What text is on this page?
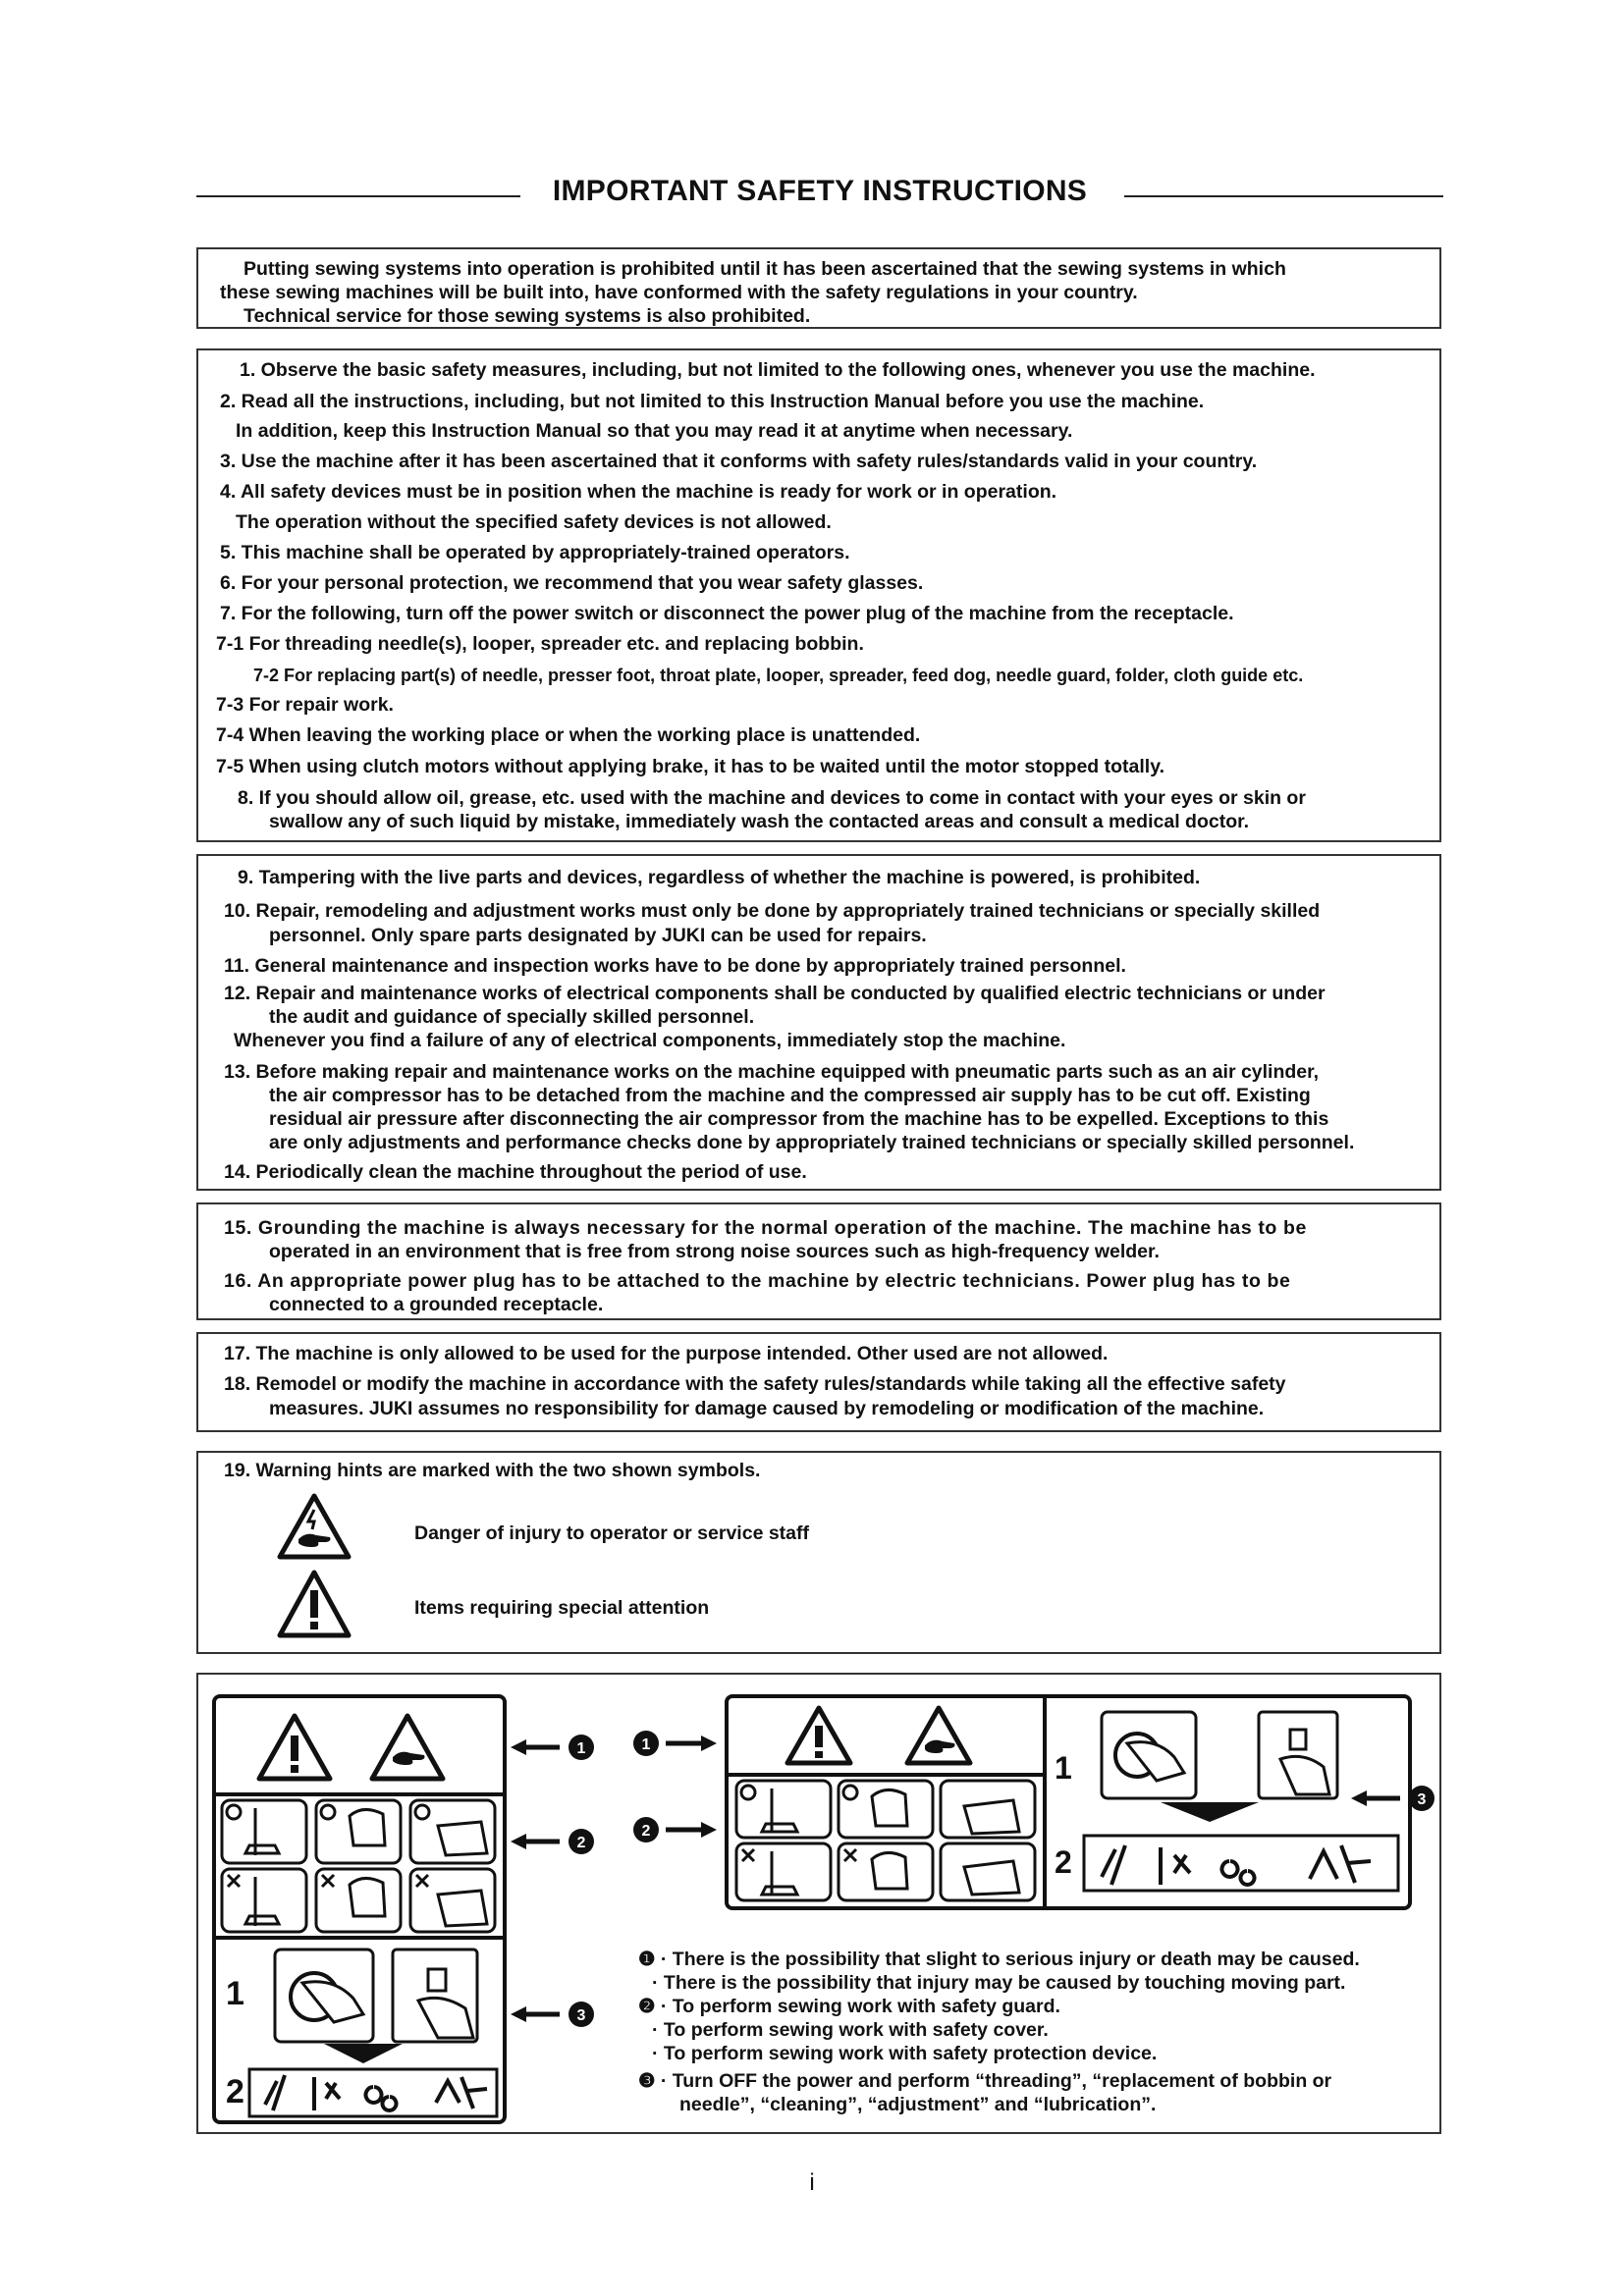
IMPORTANT SAFETY INSTRUCTIONS
Putting sewing systems into operation is prohibited until it has been ascertained that the sewing systems in which
these sewing machines will be built into, have conformed with the safety regulations in your country.
Technical service for those sewing systems is also prohibited.
1. Observe the basic safety measures, including, but not limited to the following ones, whenever you use the machine.
2. Read all the instructions, including, but not limited to this Instruction Manual before you use the machine.
In addition, keep this Instruction Manual so that you may read it at anytime when necessary.
3. Use the machine after it has been ascertained that it conforms with safety rules/standards valid in your country.
4. All safety devices must be in position when the machine is ready for work or in operation.
The operation without the specified safety devices is not allowed.
5. This machine shall be operated by appropriately-trained operators.
6. For your personal protection, we recommend that you wear safety glasses.
7. For the following, turn off the power switch or disconnect the power plug of the machine from the receptacle.
7-1 For threading needle(s), looper, spreader etc. and replacing bobbin.
7-2 For replacing part(s) of needle, presser foot, throat plate, looper, spreader, feed dog, needle guard, folder, cloth guide etc.
7-3 For repair work.
7-4 When leaving the working place or when the working place is unattended.
7-5 When using clutch motors without applying brake, it has to be waited until the motor stopped totally.
8. If you should allow oil, grease, etc. used with the machine and devices to come in contact with your eyes or skin or
swallow any of such liquid by mistake, immediately wash the contacted areas and consult a medical doctor.
9. Tampering with the live parts and devices, regardless of whether the machine is powered, is prohibited.
10. Repair, remodeling and adjustment works must only be done by appropriately trained technicians or specially skilled
personnel. Only spare parts designated by JUKI can be used for repairs.
11. General maintenance and inspection works have to be done by appropriately trained personnel.
12. Repair and maintenance works of electrical components shall be conducted by qualified electric technicians or under
the audit and guidance of specially skilled personnel.
Whenever you find a failure of any of electrical components, immediately stop the machine.
13. Before making repair and maintenance works on the machine equipped with pneumatic parts such as an air cylinder,
the air compressor has to be detached from the machine and the compressed air supply has to be cut off. Existing
residual air pressure after disconnecting the air compressor from the machine has to be expelled. Exceptions to this
are only adjustments and performance checks done by appropriately trained technicians or specially skilled personnel.
14. Periodically clean the machine throughout the period of use.
15. Grounding the machine is always necessary for the normal operation of the machine. The machine has to be
operated in an environment that is free from strong noise sources such as high-frequency welder.
16. An appropriate power plug has to be attached to the machine by electric technicians. Power plug has to be
connected to a grounded receptacle.
17. The machine is only allowed to be used for the purpose intended. Other used are not allowed.
18. Remodel or modify the machine in accordance with the safety rules/standards while taking all the effective safety
measures. JUKI assumes no responsibility for damage caused by remodeling or modification of the machine.
19. Warning hints are marked with the two shown symbols.
Danger of injury to operator or service staff
Items requiring special attention
1
2
1
2
3
1
2
1
2
3
❶ · There is the possibility that slight to serious injury or death may be caused.
· There is the possibility that injury may be caused by touching moving part.
❷ · To perform sewing work with safety guard.
· To perform sewing work with safety cover.
· To perform sewing work with safety protection device.
❸ · Turn OFF the power and perform “threading”, “replacement of bobbin or
needle”, “cleaning”, “adjustment” and “lubrication”.
i
